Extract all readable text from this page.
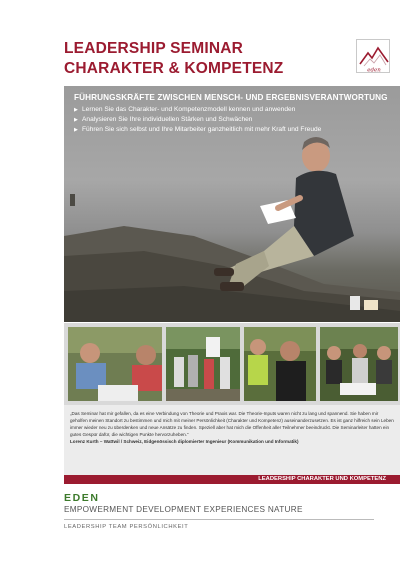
LEADERSHIP SEMINAR
CHARAKTER & KOMPETENZ	eden
FÜHRUNGSKRÄFTE ZWISCHEN MENSCH- UND ERGEBNISVERANTWORTUNG
▶ Lernen Sie das Charakter- und Kompetenzmodell kennen und anwenden
▶ Analysieren Sie Ihre individuellen Stärken und Schwächen
▶ Führen Sie sich selbst und Ihre Mitarbeiter ganzheitlich mit mehr Kraft und Freude

„Das Seminar hat mir gefallen, da es eine Verbindung von Theorie und Praxis war. Die Theorie-Inputs waren nicht zu lang und spannend. Sie haben mir geholfen meinen Standort zu bestimmen und mich mit meiner Persönlichkeit (Charakter und Kompetenz) auseinanderzusetzen. Es ist ganz hilfreich sein Leben immer wieder neu zu überdenken und neue Ansätze zu finden. Speziell aber hat mich die Offenheit aller Teilnehmer beeindruckt. Die Seminarleiter hatten ein gutes Gespür dafür, die wichtigen Punkte hervorzuheben.“

Lorenz Kurth – Wattwil / Schweiz, Eidgenössisch diplomierter Ingenieur (Kommunikation und Informatik)

LEADERSHIP CHARAKTER UND KOMPETENZ
EDEN
EMPOWERMENT DEVELOPMENT EXPERIENCES NATURE
LEADERSHIP TEAM PERSÖNLICHKEIT
